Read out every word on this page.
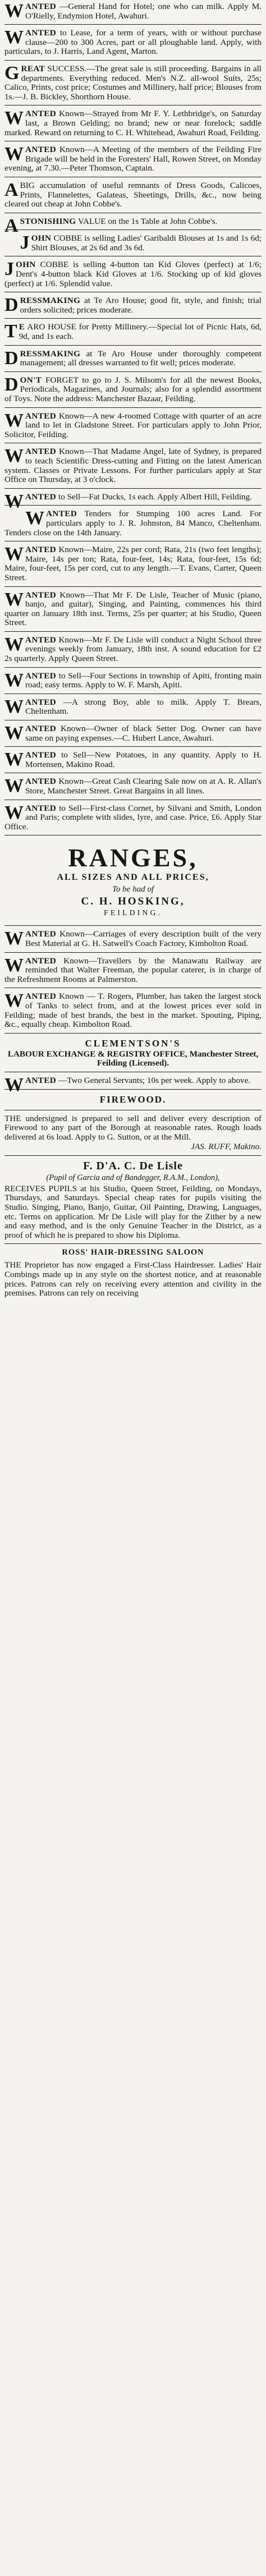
WANTED —General Hand for Hotel; one who can milk. Apply M. O'Rielly, Endymion Hotel, Awahuri.
WANTED to Lease, for a term of years, with or without purchase clause—200 to 300 Acres, part or all ploughable land. Apply, with particulars, to J. Harris, Land Agent, Marton.
GREAT SUCCESS.—The great sale is still proceeding. Bargains in all departments. Everything reduced. Men's N.Z. all-wool Suits, 25s; Calico, Prints, cost price; Costumes and Millinery, half price; Blouses from 1s.—J. B. Bickley, Shorthorn House.
WANTED Known—Strayed from Mr F. Y. Lethbridge's, on Saturday last, a Brown Gelding; no brand; new or near forelock; saddle marked. Reward on returning to C. H. Whitehead, Awahuri Road, Feilding.
WANTED Known—A Meeting of the members of the Feilding Fire Brigade will be held in the Foresters' Hall, Rowen Street, on Monday evening, at 7.30.—Peter Thomson, Captain.
A BIG accumulation of useful remnants of Dress Goods, Calicoes, Prints, Flannelettes, Galateas, Sheetings, Drills, &c., now being cleared out cheap at John Cobbe's.
ASTONISHING VALUE on the 1s Table at John Cobbe's.
JOHN COBBE is selling Ladies' Garibaldi Blouses at 1s and 1s 6d; Shirt Blouses, at 2s 6d and 3s 6d.
JOHN COBBE is selling 4-button tan Kid Gloves (perfect) at 1/6; Dent's 4-button black Kid Gloves at 1/6. Stocking up of kid gloves (perfect) at 1/6. Splendid value.
DRESSMAKING at Te Aro House; good fit, style, and finish; trial orders solicited; prices moderate.
T E ARO HOUSE for Pretty Millinery.—Special lot of Picnic Hats, 6d, 9d, and 1s each.
DRESSMAKING at Te Aro House under thoroughly competent management; all dresses warranted to fit well; prices moderate.
DON'T FORGET to go to J. S. Milsom's for all the newest Books, Periodicals, Magazines, and Journals; also for a splendid assortment of Toys. Note the address: Manchester Bazaar, Feilding.
WANTED Known—A new 4-roomed Cottage with quarter of an acre land to let in Gladstone Street. For particulars apply to John Prior, Solicitor, Feilding.
WANTED Known—That Madame Angel, late of Sydney, is prepared to teach Scientific Dress-cutting and Fitting on the latest American system. Classes or Private Lessons. For further particulars apply at Star Office on Thursday, at 3 o'clock.
WANTED to Sell—Fat Ducks, 1s each. Apply Albert Hill, Feilding.
WANTED Tenders for Stumping 100 acres Land. For particulars apply to J. R. Johnston, 84 Manco, Cheltenham. Tenders close on the 14th January.
WANTED Known—Maire, 22s per cord; Rata, 21s (two feet lengths); Maire, 14s per ton; Rata, four-feet, 14s; Rata, four-feet, 15s 6d; Maire, four-feet, 15s per cord, cut to any length.—T. Evans, Carter, Queen Street.
WANTED Known—That Mr F. De Lisle, Teacher of Music (piano, banjo, and guitar), Singing, and Painting, commences his third quarter on January 18th inst. Terms, 25s per quarter; at his Studio, Queen Street.
WANTED Known—Mr F. De Lisle will conduct a Night School three evenings weekly from January, 18th inst. A sound education for £2 2s quarterly. Apply Queen Street.
WANTED to Sell—Four Sections in township of Apiti, fronting main road; easy terms. Apply to W. F. Marsh, Apiti.
WANTED —A strong Boy, able to milk. Apply T. Brears, Cheltenham.
WANTED Known—Owner of black Setter Dog. Owner can have same on paying expenses.—C. Hubert Lance, Awahuri.
WANTED to Sell—New Potatoes, in any quantity. Apply to H. Mortensen, Makino Road.
WANTED Known—Great Cash Clearing Sale now on at A. R. Allan's Store, Manchester Street. Great Bargains in all lines.
WANTED to Sell—First-class Cornet, by Silvani and Smith, London and Paris; complete with slides, lyre, and case. Price, £6. Apply Star Office.
RANGES,
ALL SIZES AND ALL PRICES,
To be had of
C. H. HOSKING,
FEILDING.
WANTED Known—Carriages of every description built of the very Best Material at G. H. Satwell's Coach Factory, Kimbolton Road.
WANTED Known—Travellers by the Manawatu Railway are reminded that Walter Freeman, the popular caterer, is in charge of the Refreshment Rooms at Palmerston.
WANTED Known — T. Rogers, Plumber, has taken the largest stock of Tanks to select from, and at the lowest prices ever sold in Feilding; made of best brands, the best in the market. Spouting, Piping, &c., equally cheap. Kimbolton Road.
CLEMENTSON'S
LABOUR EXCHANGE & REGISTRY OFFICE, Manchester Street, Feilding (Licensed).
WANTED —Two General Servants; 10s per week. Apply to above.
FIREWOOD.
THE undersigned is prepared to sell and deliver every description of Firewood to any part of the Borough at reasonable rates. Rough loads delivered at 6s load. Apply to G. Sutton, or at the Mill.
JAS. RUFF, Makino.
F. D'A. C. De Lisle
(Pupil of Garcia and of Bandegger, R.A.M., London),
RECEIVES PUPILS at his Studio, Queen Street, Feilding, on Mondays, Thursdays, and Saturdays. Special cheap rates for pupils visiting the Studio. Singing, Piano, Banjo, Guitar, Oil Painting, Drawing, Languages, etc. Terms on application. Mr De Lisle will play for the Zither by a new and easy method, and is the only Genuine Teacher in the District, as a proof of which he is prepared to show his Diploma.
ROSS' HAIR-DRESSING SALOON
THE Proprietor has now engaged a First-Class Hairdresser. Ladies' Hair Combings made up in any style on the shortest notice, and at reasonable prices. Patrons can rely on receiving every attention and civility in the premises. Patrons can rely on receiving
